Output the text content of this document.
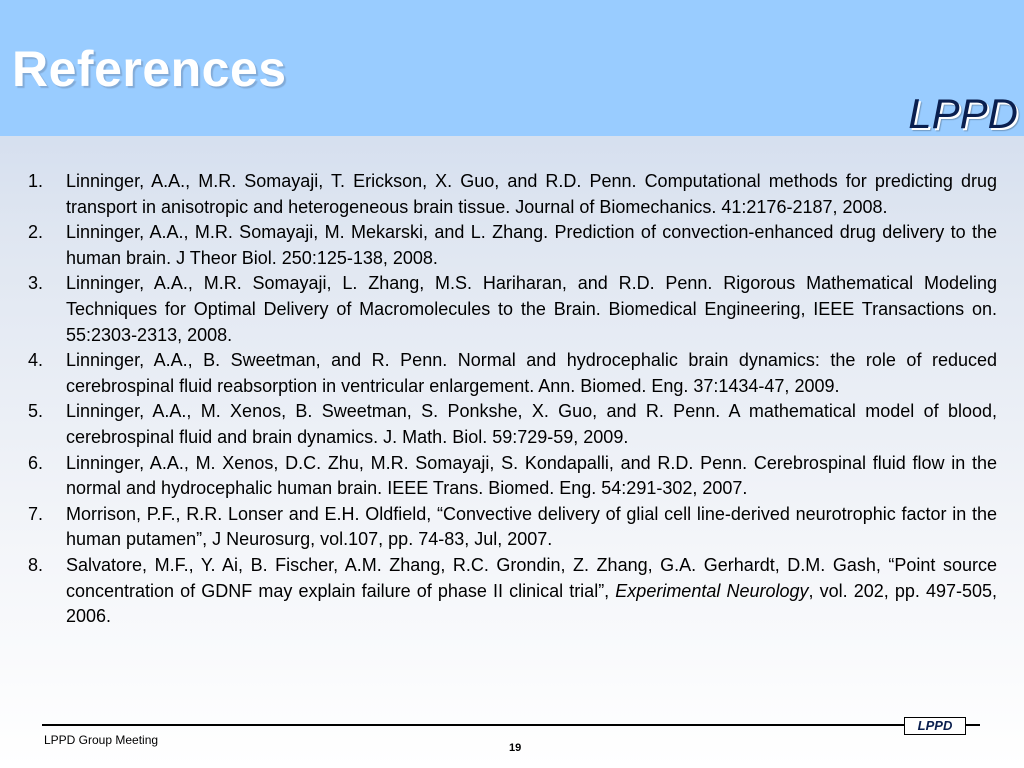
References
LPPD
1. Linninger, A.A., M.R. Somayaji, T. Erickson, X. Guo, and R.D. Penn. Computational methods for predicting drug transport in anisotropic and heterogeneous brain tissue. Journal of Biomechanics. 41:2176-2187, 2008.
2. Linninger, A.A., M.R. Somayaji, M. Mekarski, and L. Zhang. Prediction of convection-enhanced drug delivery to the human brain. J Theor Biol. 250:125-138, 2008.
3. Linninger, A.A., M.R. Somayaji, L. Zhang, M.S. Hariharan, and R.D. Penn. Rigorous Mathematical Modeling Techniques for Optimal Delivery of Macromolecules to the Brain. Biomedical Engineering, IEEE Transactions on. 55:2303-2313, 2008.
4. Linninger, A.A., B. Sweetman, and R. Penn. Normal and hydrocephalic brain dynamics: the role of reduced cerebrospinal fluid reabsorption in ventricular enlargement. Ann. Biomed. Eng. 37:1434-47, 2009.
5. Linninger, A.A., M. Xenos, B. Sweetman, S. Ponkshe, X. Guo, and R. Penn. A mathematical model of blood, cerebrospinal fluid and brain dynamics. J. Math. Biol. 59:729-59, 2009.
6. Linninger, A.A., M. Xenos, D.C. Zhu, M.R. Somayaji, S. Kondapalli, and R.D. Penn. Cerebrospinal fluid flow in the normal and hydrocephalic human brain. IEEE Trans. Biomed. Eng. 54:291-302, 2007.
7. Morrison, P.F., R.R. Lonser and E.H. Oldfield, “Convective delivery of glial cell line-derived neurotrophic factor in the human putamen”, J Neurosurg, vol.107, pp. 74-83, Jul, 2007.
8. Salvatore, M.F., Y. Ai, B. Fischer, A.M. Zhang, R.C. Grondin, Z. Zhang, G.A. Gerhardt, D.M. Gash, “Point source concentration of GDNF may explain failure of phase II clinical trial”, Experimental Neurology, vol. 202, pp. 497-505, 2006.
LPPD
LPPD Group Meeting
19
